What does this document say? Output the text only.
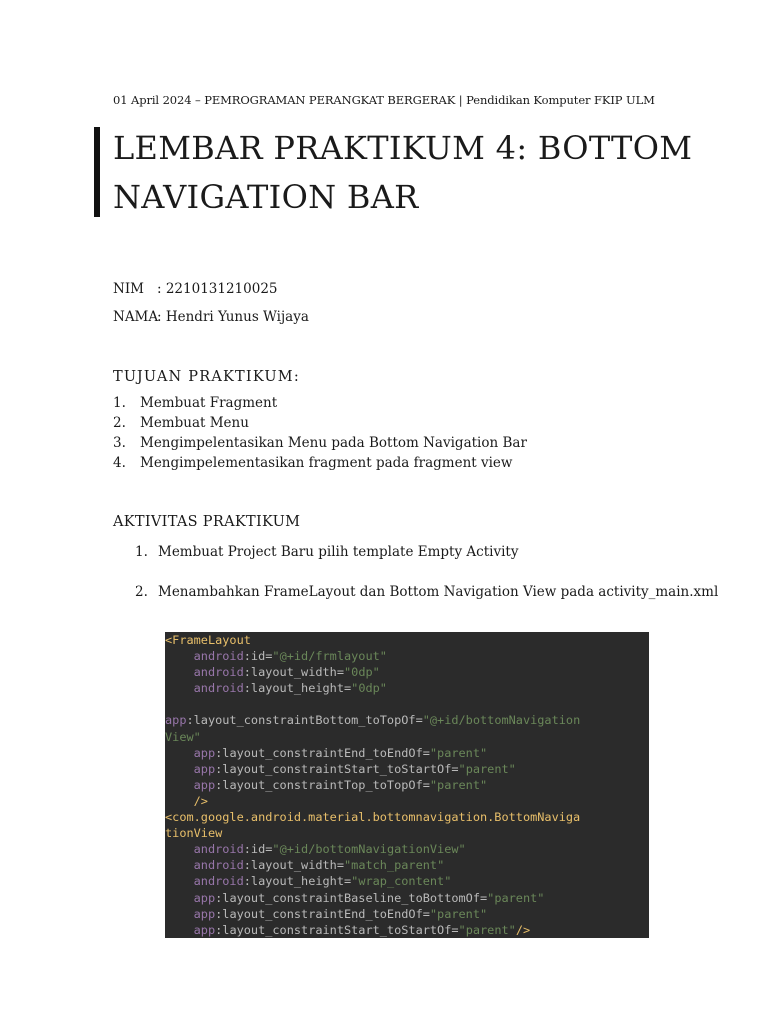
01 April 2024 – PEMROGRAMAN PERANGKAT BERGERAK | Pendidikan Komputer FKIP ULM
LEMBAR PRAKTIKUM 4: BOTTOM
NAVIGATION BAR
NIM : 2210131210025
NAMA: Hendri Yunus Wijaya
TUJUAN PRAKTIKUM:
1. Membuat Fragment
2. Membuat Menu
3. Mengimpelentasikan Menu pada Bottom Navigation Bar
4. Mengimpelementasikan fragment pada fragment view
AKTIVITAS PRAKTIKUM
1. Membuat Project Baru pilih template Empty Activity
2. Menambahkan FrameLayout dan Bottom Navigation View pada activity_main.xml
<FrameLayout
android:id="@+id/frmlayout"
android:layout_width="0dp"
android:layout_height="0dp"
app:layout_constraintBottom_toTopOf="@+id/bottomNavigation
View"
app:layout_constraintEnd_toEndOf="parent"
app:layout_constraintStart_toStartOf="parent"
app:layout_constraintTop_toTopOf="parent"
/>
<com.google.android.material.bottomnavigation.BottomNaviga
tionView
android:id="@+id/bottomNavigationView"
android:layout_width="match_parent"
android:layout_height="wrap_content"
app:layout_constraintBaseline_toBottomOf="parent"
app:layout_constraintEnd_toEndOf="parent"
app:layout_constraintStart_toStartOf="parent"/>
